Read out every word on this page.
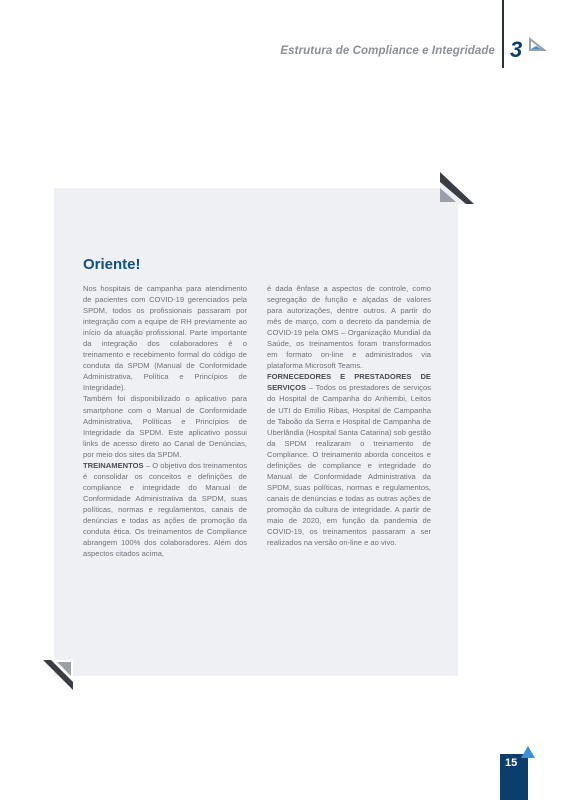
Estrutura de Compliance e Integridade 3
Oriente!

Nos hospitais de campanha para atendimento de pacientes com COVID-19 gerenciados pela SPDM, todos os profissionais passaram por integração com a equipe de RH previamente ao início da atuação profissional. Parte importante da integração dos colaboradores é o treinamento e recebimento formal do código de conduta da SPDM (Manual de Conformidade Administrativa, Política e Princípios de Integridade).

Também foi disponibilizado o aplicativo para smartphone com o Manual de Conformidade Administrativa, Políticas e Princípios de Integridade da SPDM. Este aplicativo possui links de acesso direto ao Canal de Denúncias, por meio dos sites da SPDM.

TREINAMENTOS – O objetivo dos treinamentos é consolidar os conceitos e definições de compliance e integridade do Manual de Conformidade Administrativa da SPDM, suas políticas, normas e regulamentos, canais de denúncias e todas as ações de promoção da conduta ética. Os treinamentos de Compliance abrangem 100% dos colaboradores. Além dos aspectos citados acima,

é dada ênfase a aspectos de controle, como segregação de função e alçadas de valores para autorizações, dentre outros. A partir do mês de março, com o decreto da pandemia de COVID-19 pela OMS – Organização Mundial da Saúde, os treinamentos foram transformados em formato on-line e administrados via plataforma Microsoft Teams.

FORNECEDORES E PRESTADORES DE SERVIÇOS – Todos os prestadores de serviços do Hospital de Campanha do Anhembi, Leitos de UTI do Emílio Ribas, Hospital de Campanha de Taboão da Serra e Hospital de Campanha de Uberlândia (Hospital Santa Catarina) sob gestão da SPDM realizaram o treinamento de Compliance. O treinamento aborda conceitos e definições de compliance e integridade do Manual de Conformidade Administrativa da SPDM, suas políticas, normas e regulamentos, canais de denúncias e todas as outras ações de promoção da cultura de integridade. A partir de maio de 2020, em função da pandemia de COVID-19, os treinamentos passaram a ser realizados na versão on-line e ao vivo.

15
